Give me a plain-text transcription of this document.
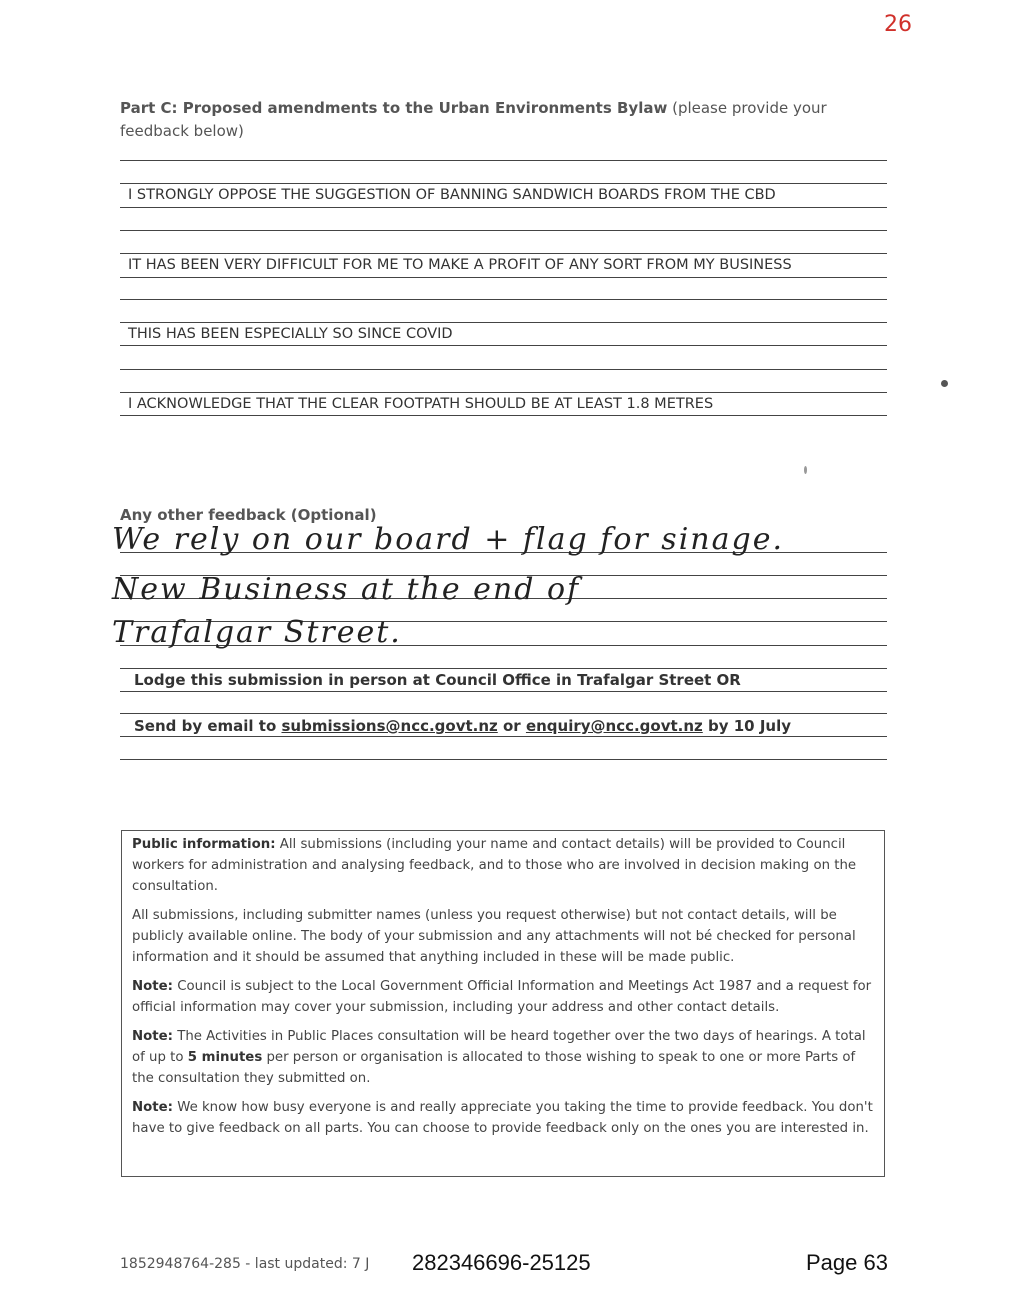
26
Part C: Proposed amendments to the Urban Environments Bylaw (please provide your feedback below)
I STRONGLY OPPOSE THE SUGGESTION OF BANNING SANDWICH BOARDS FROM THE CBD
IT HAS BEEN VERY DIFFICULT FOR ME TO MAKE A PROFIT OF ANY SORT FROM MY BUSINESS
THIS HAS BEEN ESPECIALLY SO SINCE COVID
I ACKNOWLEDGE THAT THE CLEAR FOOTPATH SHOULD BE AT LEAST 1.8 METRES
Any other feedback (Optional)
We rely on our board + flag for sinage.
New Business at the end of
Trafalgar Street.
Lodge this submission in person at Council Office in Trafalgar Street OR
Send by email to submissions@ncc.govt.nz or enquiry@ncc.govt.nz by 10 July

Public information: All submissions (including your name and contact details) will be provided to Council workers for administration and analysing feedback, and to those who are involved in decision making on the consultation.

All submissions, including submitter names (unless you request otherwise) but not contact details, will be publicly available online. The body of your submission and any attachments will not bé checked for personal information and it should be assumed that anything included in these will be made public.

Note: Council is subject to the Local Government Official Information and Meetings Act 1987 and a request for official information may cover your submission, including your address and other contact details.

Note: The Activities in Public Places consultation will be heard together over the two days of hearings. A total of up to 5 minutes per person or organisation is allocated to those wishing to speak to one or more Parts of the consultation they submitted on.

Note: We know how busy everyone is and really appreciate you taking the time to provide feedback. You don't have to give feedback on all parts. You can choose to provide feedback only on the ones you are interested in.

1852948764-285 - last updated: 7 J 282346696-25125	Page 63
